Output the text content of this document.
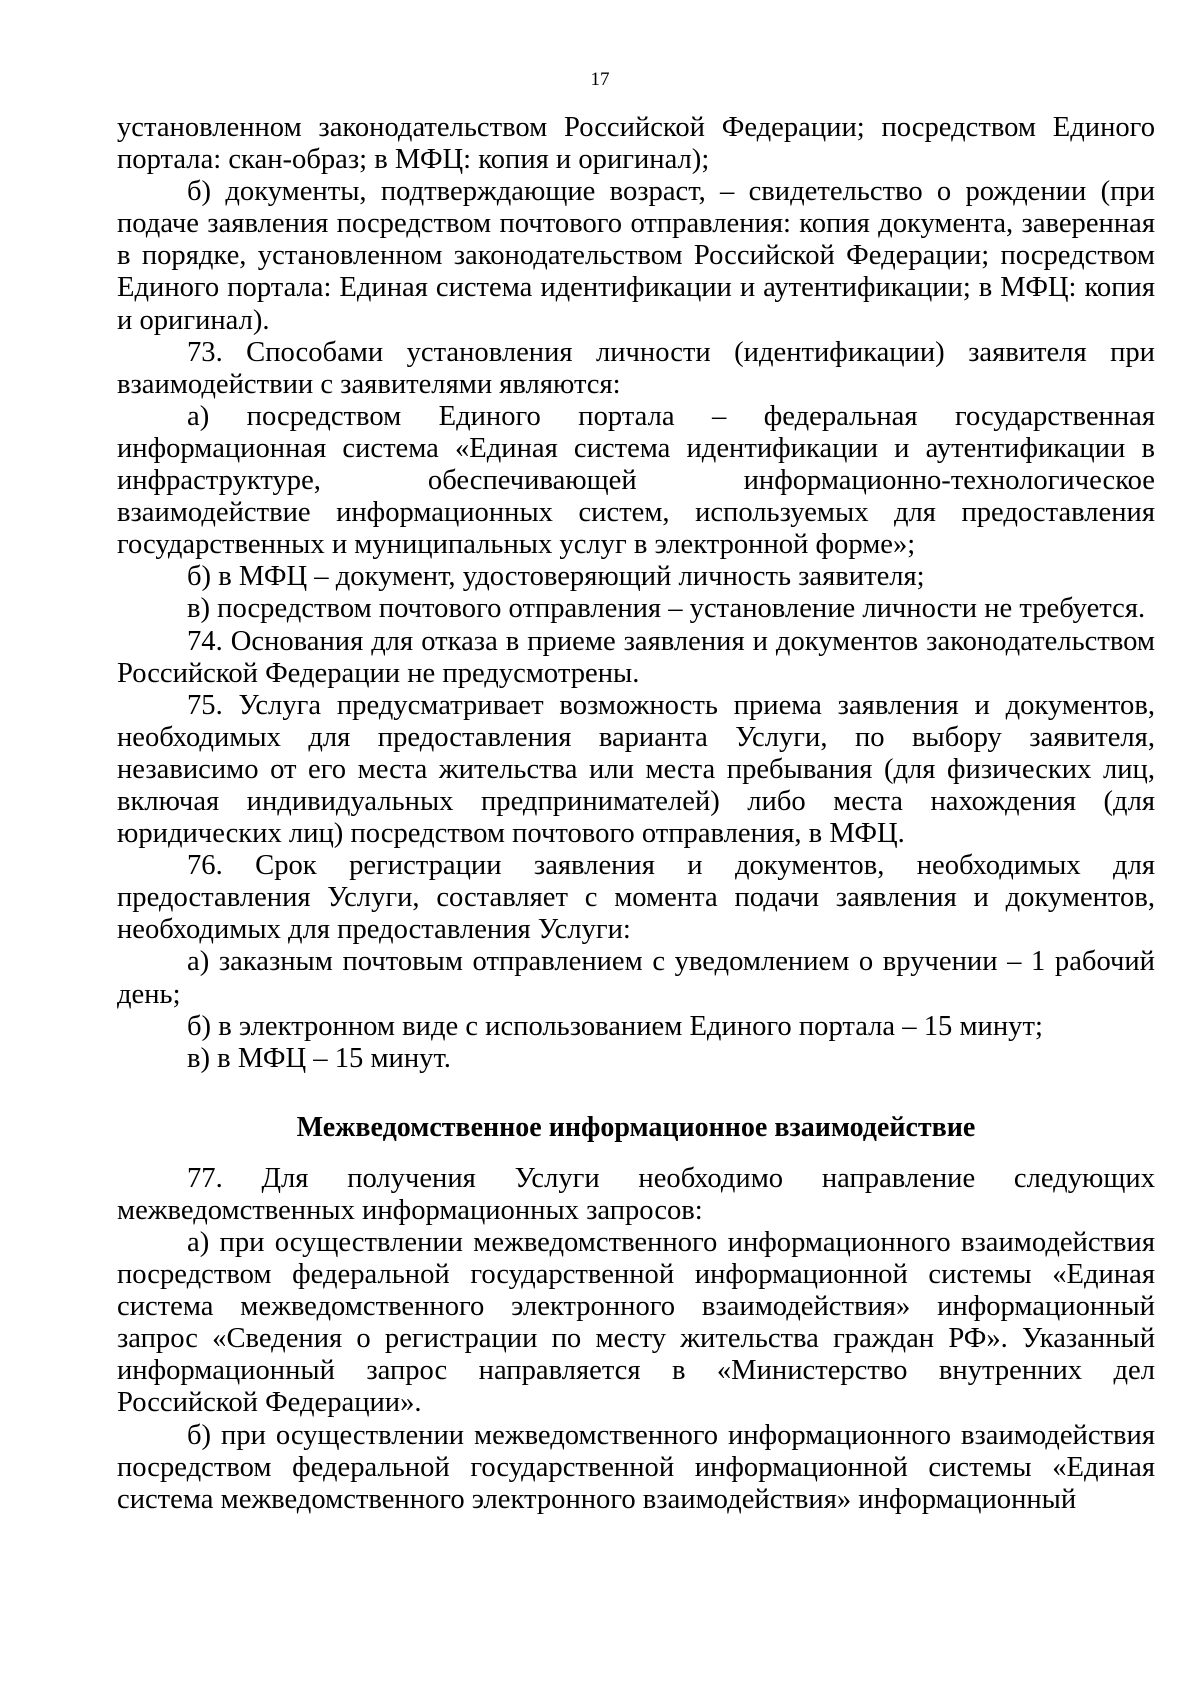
17

установленном законодательством Российской Федерации; посредством Единого портала: скан-образ; в МФЦ: копия и оригинал);

б) документы, подтверждающие возраст, – свидетельство о рождении (при подаче заявления посредством почтового отправления: копия документа, заверенная в порядке, установленном законодательством Российской Федерации; посредством Единого портала: Единая система идентификации и аутентификации; в МФЦ: копия и оригинал).

73. Способами установления личности (идентификации) заявителя при взаимодействии с заявителями являются:

а) посредством Единого портала – федеральная государственная информационная система «Единая система идентификации и аутентификации в инфраструктуре, обеспечивающей информационно-технологическое взаимодействие информационных систем, используемых для предоставления государственных и муниципальных услуг в электронной форме»;

б) в МФЦ – документ, удостоверяющий личность заявителя;

в) посредством почтового отправления – установление личности не требуется.

74. Основания для отказа в приеме заявления и документов законодательством Российской Федерации не предусмотрены.

75. Услуга предусматривает возможность приема заявления и документов, необходимых для предоставления варианта Услуги, по выбору заявителя, независимо от его места жительства или места пребывания (для физических лиц, включая индивидуальных предпринимателей) либо места нахождения (для юридических лиц) посредством почтового отправления, в МФЦ.

76. Срок регистрации заявления и документов, необходимых для предоставления Услуги, составляет с момента подачи заявления и документов, необходимых для предоставления Услуги:

а) заказным почтовым отправлением с уведомлением о вручении – 1 рабочий день;

б) в электронном виде с использованием Единого портала – 15 минут;

в) в МФЦ – 15 минут.

Межведомственное информационное взаимодействие

77. Для получения Услуги необходимо направление следующих межведомственных информационных запросов:

а) при осуществлении межведомственного информационного взаимодействия посредством федеральной государственной информационной системы «Единая система межведомственного электронного взаимодействия» информационный запрос «Сведения о регистрации по месту жительства граждан РФ». Указанный информационный запрос направляется в «Министерство внутренних дел Российской Федерации».

б) при осуществлении межведомственного информационного взаимодействия посредством федеральной государственной информационной системы «Единая система межведомственного электронного взаимодействия» информационный
